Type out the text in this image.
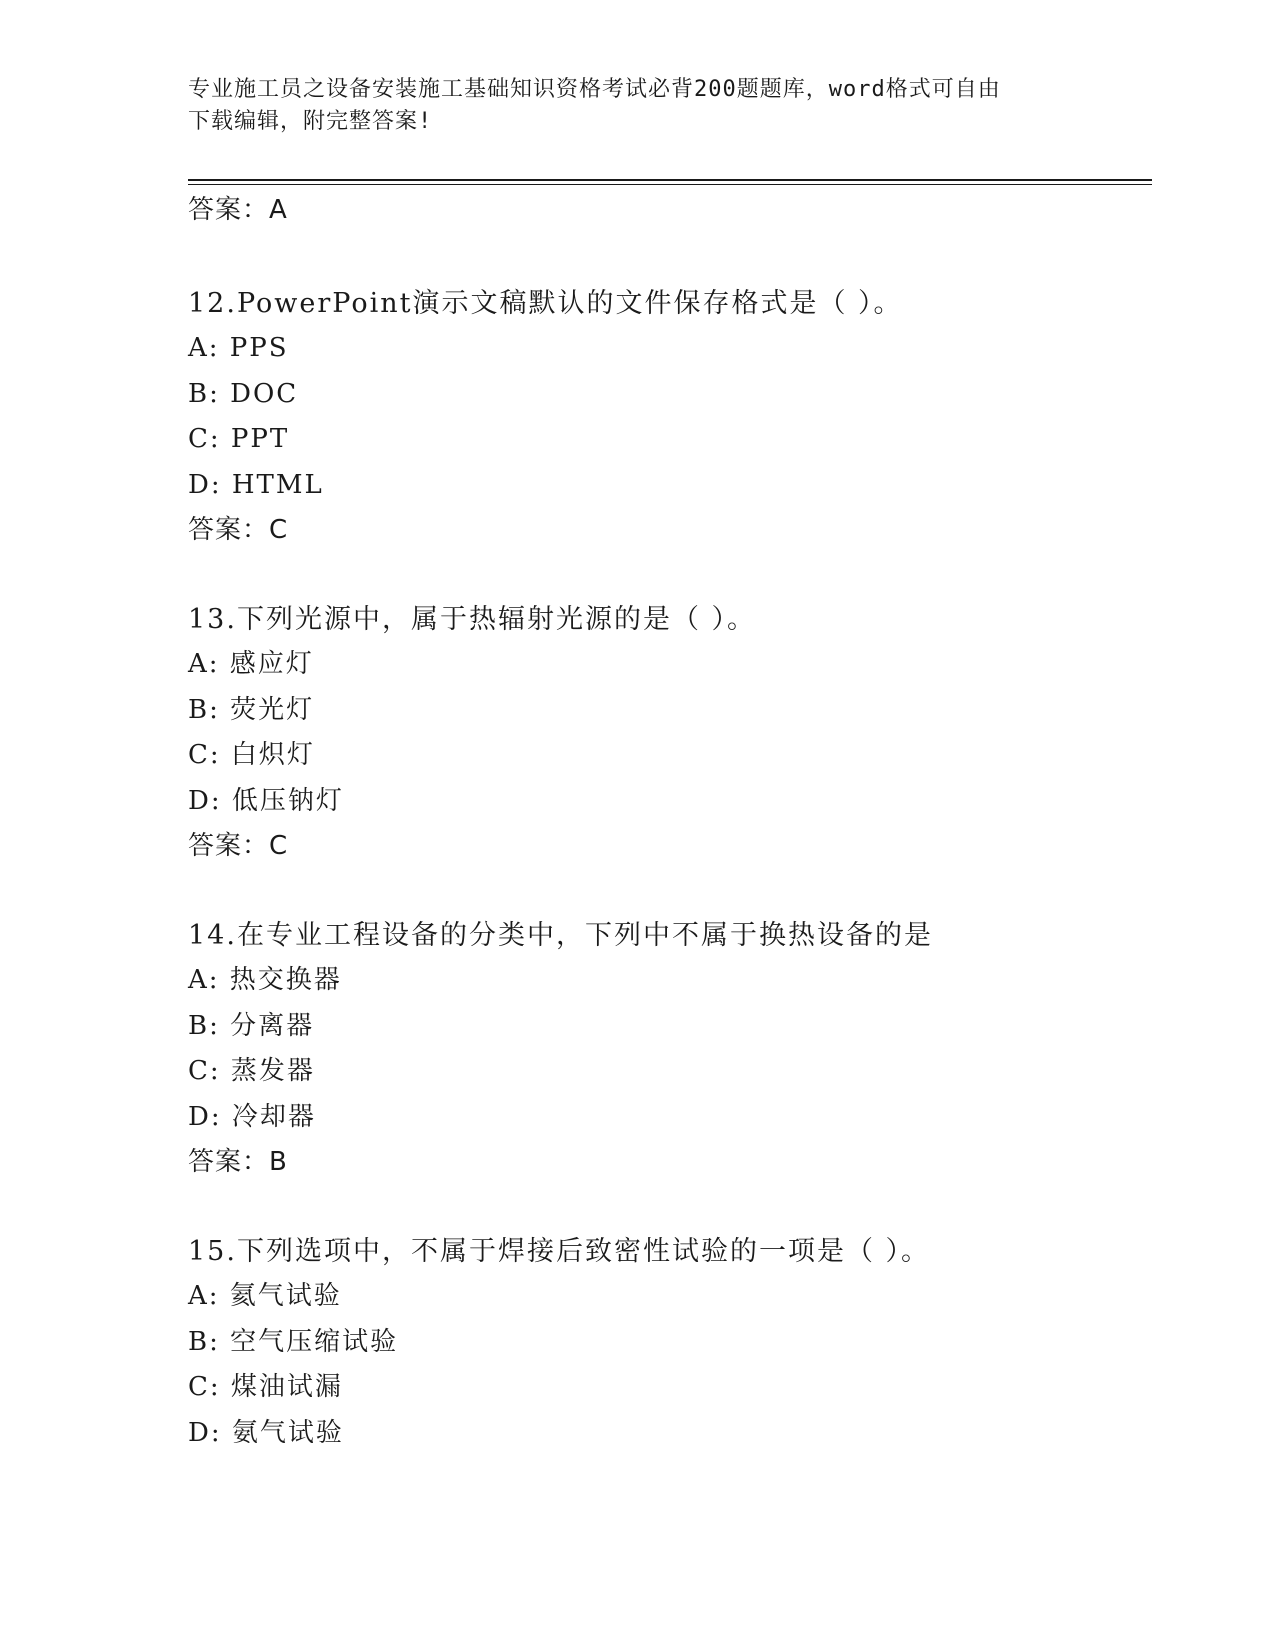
专业施工员之设备安装施工基础知识资格考试必背200题题库，word格式可自由
下载编辑，附完整答案!
答案：A
12.PowerPoint演示文稿默认的文件保存格式是（ ）。
A: PPS
B: DOC
C: PPT
D: HTML
答案：C
13.下列光源中，属于热辐射光源的是（ ）。
A: 感应灯
B: 荧光灯
C: 白炽灯
D: 低压钠灯
答案：C
14.在专业工程设备的分类中，下列中不属于换热设备的是
A: 热交换器
B: 分离器
C: 蒸发器
D: 冷却器
答案：B
15.下列选项中，不属于焊接后致密性试验的一项是（ ）。
A: 氦气试验
B: 空气压缩试验
C: 煤油试漏
D: 氨气试验
